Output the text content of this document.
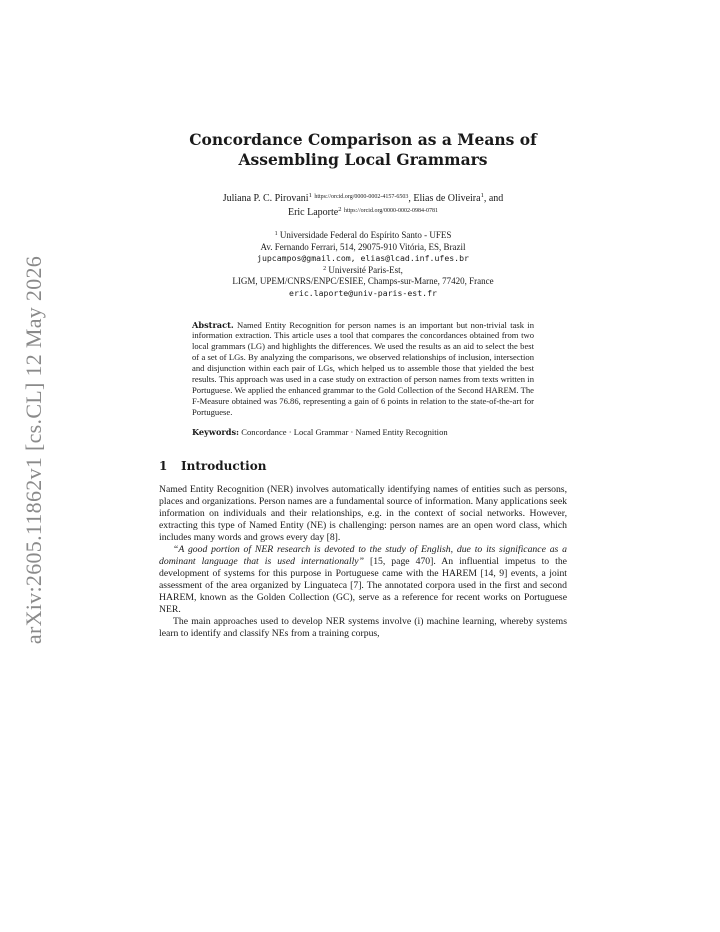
arXiv:2605.11862v1 [cs.CL] 12 May 2026
Concordance Comparison as a Means of
Assembling Local Grammars
Juliana P. C. Pirovani$^1$ $^{https://orcid.org/0000-0002-4157-6503}$, Elias de Oliveira$^1$, and
Eric Laporte$^2$ $^{https://orcid.org/0000-0002-0984-0781}$
$^1$ Universidade Federal do Espírito Santo - UFES
Av. Fernando Ferrari, 514, 29075-910 Vitória, ES, Brazil
jupcampos@gmail.com, elias@lcad.inf.ufes.br
$^2$ Université Paris-Est,
LIGM, UPEM/CNRS/ENPC/ESIEE, Champs-sur-Marne, 77420, France
eric.laporte@univ-paris-est.fr
Abstract. Named Entity Recognition for person names is an important but non-trivial task in information extraction. This article uses a tool that compares the concordances obtained from two local grammars (LG) and highlights the differences. We used the results as an aid to select the best of a set of LGs. By analyzing the comparisons, we observed relationships of inclusion, intersection and disjunction within each pair of LGs, which helped us to assemble those that yielded the best results. This approach was used in a case study on extraction of person names from texts written in Portuguese. We applied the enhanced grammar to the Gold Collection of the Second HAREM. The F-Measure obtained was 76.86, representing a gain of 6 points in relation to the state-of-the-art for Portuguese.
Keywords: Concordance · Local Grammar · Named Entity Recognition
1 Introduction

Named Entity Recognition (NER) involves automatically identifying names of entities such as persons, places and organizations. Person names are a fundamental source of information. Many applications seek information on individuals and their relationships, e.g. in the context of social networks. However, extracting this type of Named Entity (NE) is challenging: person names are an open word class, which includes many words and grows every day [8].

“A good portion of NER research is devoted to the study of English, due to its significance as a dominant language that is used internationally” [15, page 470]. An influential impetus to the development of systems for this purpose in Portuguese came with the HAREM [14, 9] events, a joint assessment of the area organized by Linguateca [7]. The annotated corpora used in the first and second HAREM, known as the Golden Collection (GC), serve as a reference for recent works on Portuguese NER.

The main approaches used to develop NER systems involve (i) machine learning, whereby systems learn to identify and classify NEs from a training corpus,
